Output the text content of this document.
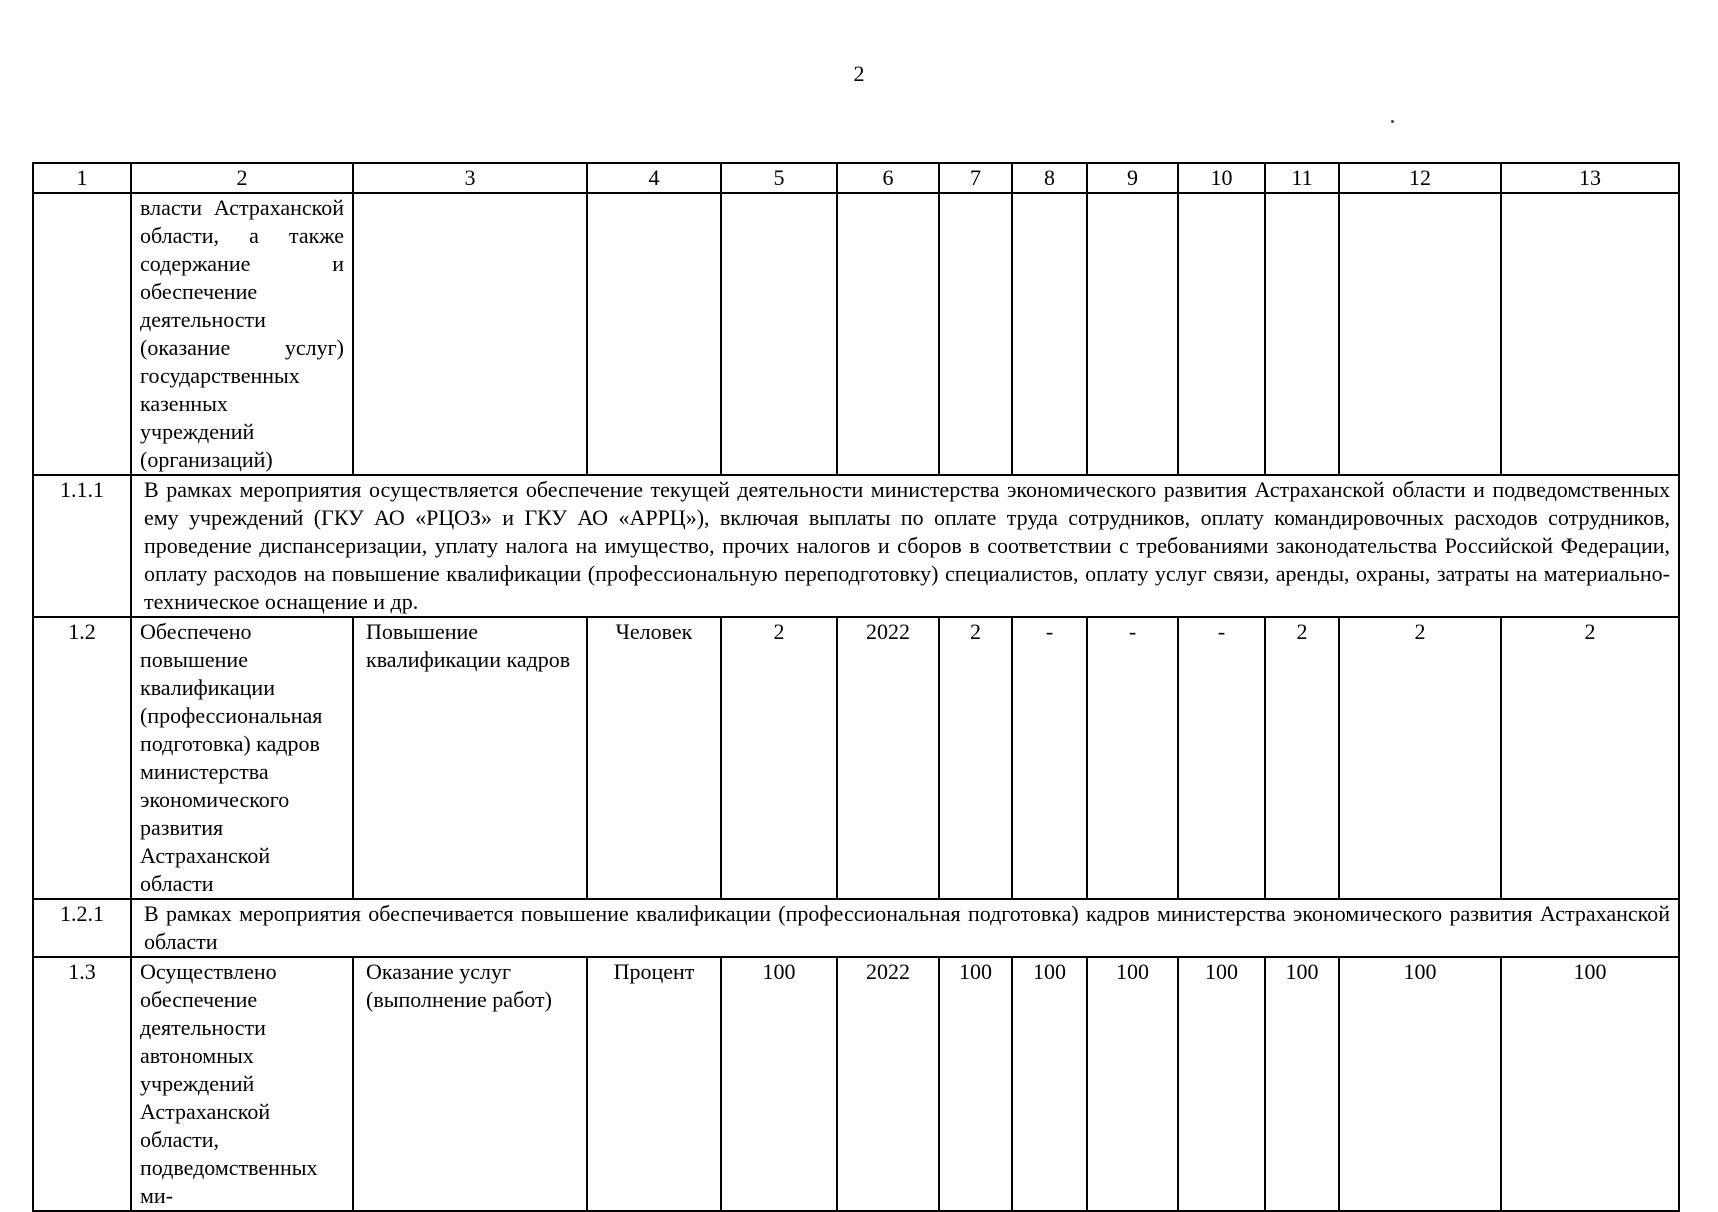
2
1	2	3	4	5	6	7	8	9	10	11	12	13
	власти Астраханской области, а также содержание и обеспечение деятельности (оказание услуг) государственных казенных учреждений (организаций)											
1.1.1	В рамках мероприятия осуществляется обеспечение текущей деятельности министерства экономического развития Астраханской области и подведомственных ему учреждений (ГКУ АО «РЦОЗ» и ГКУ АО «АРРЦ»), включая выплаты по оплате труда сотрудников, оплату командировочных расходов сотрудников, проведение диспансеризации, уплату налога на имущество, прочих налогов и сборов в соответствии с требованиями законодательства Российской Федерации, оплату расходов на повышение квалификации (профессиональную переподготовку) специалистов, оплату услуг связи, аренды, охраны, затраты на материально-техническое оснащение и др.											
1.2	Обеспечено повышение квалификации (профессиональная подготовка) кадров министерства экономического развития Астраханской области	Повышение квалификации кадров	Человек	2	2022	2	-	-	-	2	2	2
1.2.1	В рамках мероприятия обеспечивается повышение квалификации (профессиональная подготовка) кадров министерства экономического развития Астраханской области											
1.3	Осуществлено обеспечение деятельности автономных учреждений Астраханской области, подведомственных ми-	Оказание услуг (выполнение работ)	Процент	100	2022	100	100	100	100	100	100	100
